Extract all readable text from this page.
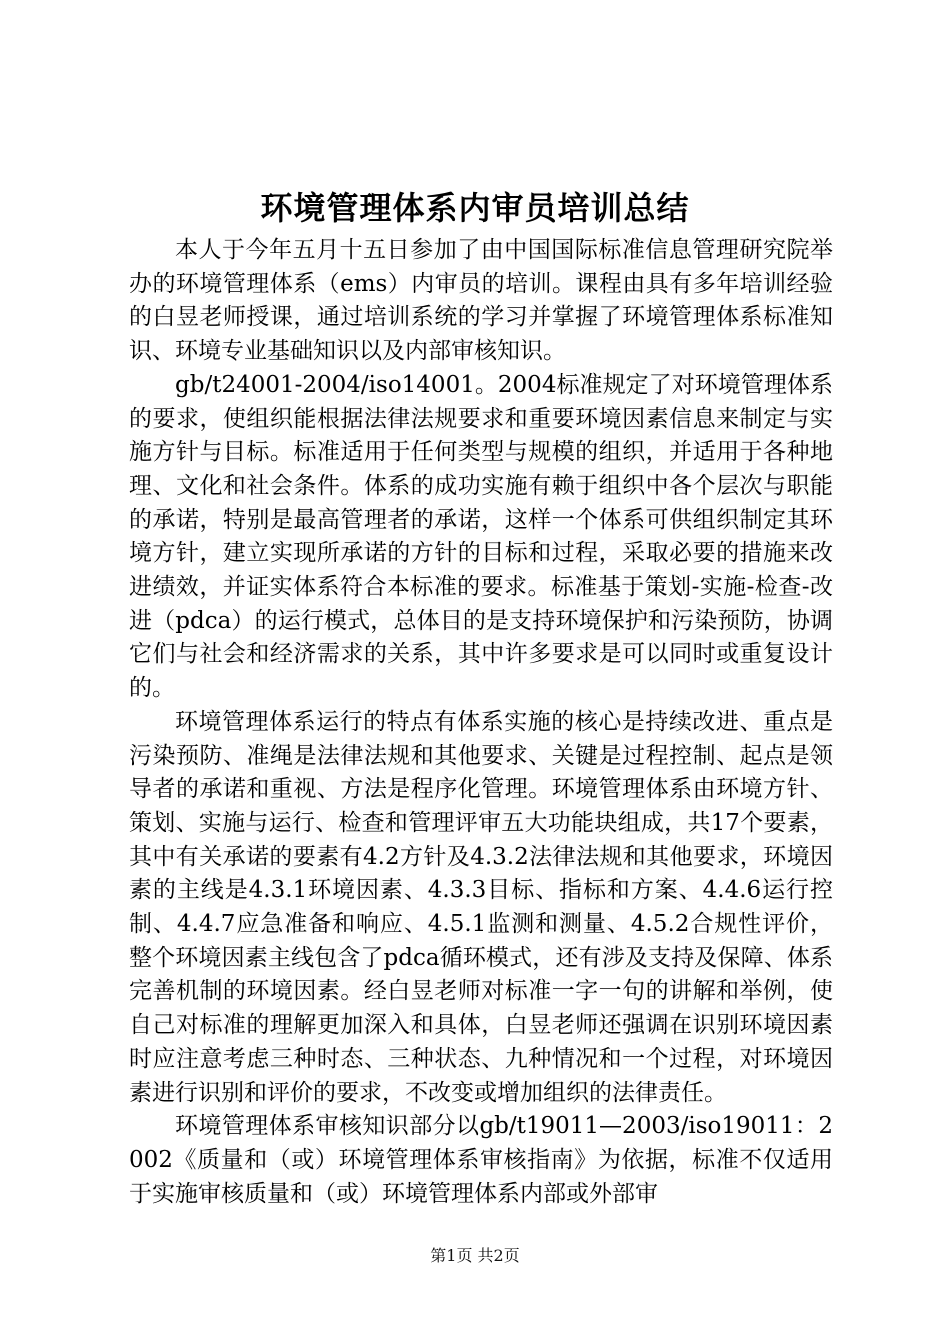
环境管理体系内审员培训总结

本人于今年五月十五日参加了由中国国际标准信息管理研究院举办的环境管理体系（ems）内审员的培训。课程由具有多年培训经验的白昱老师授课，通过培训系统的学习并掌握了环境管理体系标准知识、环境专业基础知识以及内部审核知识。

gb/t24001-2004/iso14001。2004标准规定了对环境管理体系的要求，使组织能根据法律法规要求和重要环境因素信息来制定与实施方针与目标。标准适用于任何类型与规模的组织，并适用于各种地理、文化和社会条件。体系的成功实施有赖于组织中各个层次与职能的承诺，特别是最高管理者的承诺，这样一个体系可供组织制定其环境方针，建立实现所承诺的方针的目标和过程，采取必要的措施来改进绩效，并证实体系符合本标准的要求。标准基于策划-实施-检查-改进（pdca）的运行模式，总体目的是支持环境保护和污染预防，协调它们与社会和经济需求的关系，其中许多要求是可以同时或重复设计的。

环境管理体系运行的特点有体系实施的核心是持续改进、重点是污染预防、准绳是法律法规和其他要求、关键是过程控制、起点是领导者的承诺和重视、方法是程序化管理。环境管理体系由环境方针、策划、实施与运行、检查和管理评审五大功能块组成，共17个要素，其中有关承诺的要素有4.2方针及4.3.2法律法规和其他要求，环境因素的主线是4.3.1环境因素、4.3.3目标、指标和方案、4.4.6运行控制、4.4.7应急准备和响应、4.5.1监测和测量、4.5.2合规性评价，整个环境因素主线包含了pdca循环模式，还有涉及支持及保障、体系完善机制的环境因素。经白昱老师对标准一字一句的讲解和举例，使自己对标准的理解更加深入和具体，白昱老师还强调在识别环境因素时应注意考虑三种时态、三种状态、九种情况和一个过程，对环境因素进行识别和评价的要求，不改变或增加组织的法律责任。

环境管理体系审核知识部分以gb/t19011—2003/iso19011：2002《质量和（或）环境管理体系审核指南》为依据，标准不仅适用于实施审核质量和（或）环境管理体系内部或外部审

第1页 共2页
